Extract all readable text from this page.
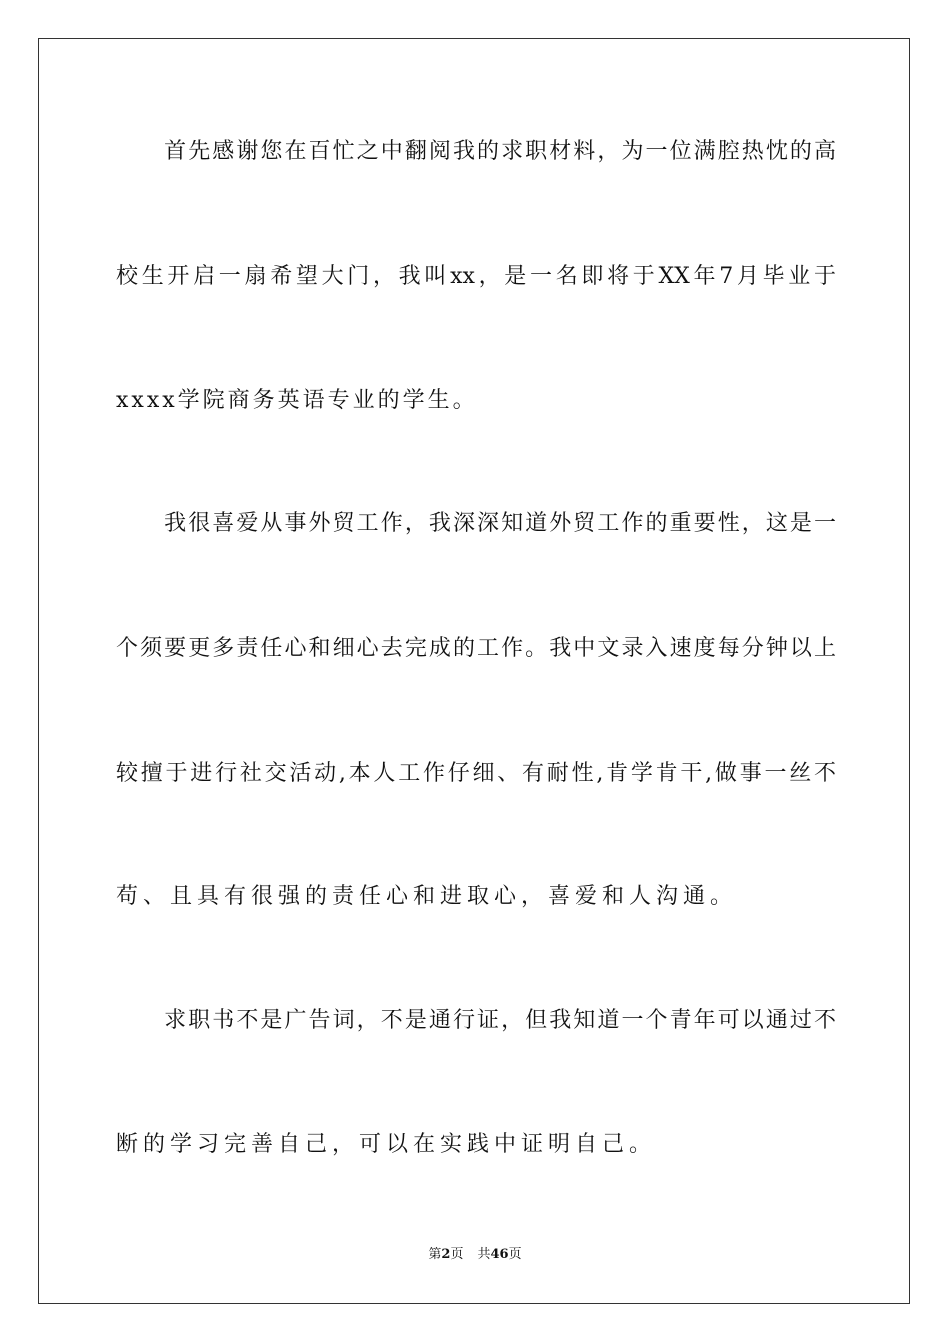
　　首先感谢您在百忙之中翻阅我的求职材料，为一位满腔热忱的高
校生开启一扇希望大门，我叫xx，是一名即将于XX年7月毕业于
xxxx学院商务英语专业的学生。
　　我很喜爱从事外贸工作，我深深知道外贸工作的重要性，这是一
个须要更多责任心和细心去完成的工作。我中文录入速度每分钟以上
较擅于进行社交活动,本人工作仔细、有耐性,肯学肯干,做事一丝不
苟、且具有很强的责任心和进取心，喜爱和人沟通。
　　求职书不是广告词，不是通行证，但我知道一个青年可以通过不
断的学习完善自己，可以在实践中证明自己。
第2页 共46页
